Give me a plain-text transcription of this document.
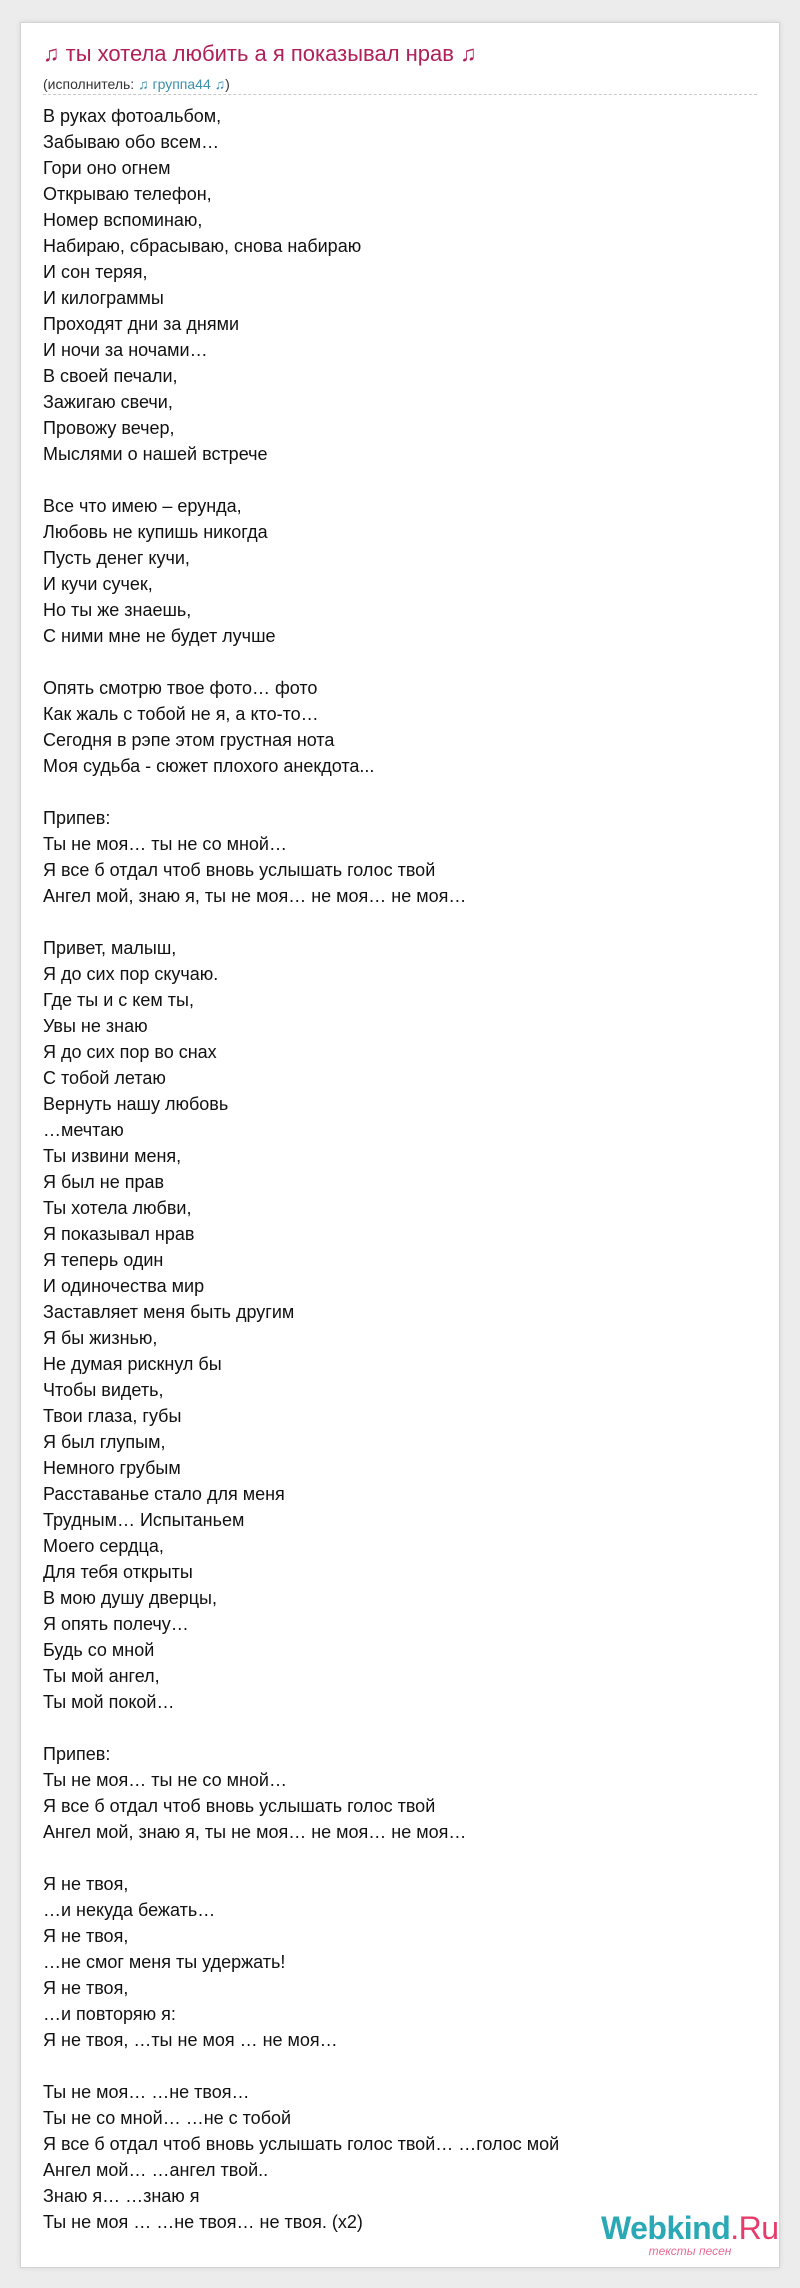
♫ ты хотела любить а я показывал нрав ♫
(исполнитель: ♫ группа44 ♫)
В руках фотоальбом,
Забываю обо всем…
Гори оно огнем
Открываю телефон,
Номер вспоминаю,
Набираю, сбрасываю, снова набираю
И сон теряя,
И килограммы
Проходят дни за днями
И ночи за ночами…
В своей печали,
Зажигаю свечи,
Провожу вечер,
Мыслями о нашей встрече
Все что имею – ерунда,
Любовь не купишь никогда
Пусть денег кучи,
И кучи сучек,
Но ты же знаешь,
С ними мне не будет лучше
Опять смотрю твое фото… фото
Как жаль с тобой не я, а кто-то…
Сегодня в рэпе этом грустная нота
Моя судьба - сюжет плохого анекдота...
Припев:
Ты не моя… ты не со мной…
Я все б отдал чтоб вновь услышать голос твой
Ангел мой, знаю я, ты не моя… не моя… не моя…
Привет, малыш,
Я до сих пор скучаю.
Где ты и с кем ты,
Увы не знаю
Я до сих пор во снах
С тобой летаю
Вернуть нашу любовь
…мечтаю
Ты извини меня,
Я был не прав
Ты хотела любви,
Я показывал нрав
Я теперь один
И одиночества мир
Заставляет меня быть другим
Я бы жизнью,
Не думая рискнул бы
Чтобы видеть,
Твои глаза, губы
Я был глупым,
Немного грубым
Расставанье стало для меня
Трудным… Испытаньем
Моего сердца,
Для тебя открыты
В мою душу дверцы,
Я опять полечу…
Будь со мной
Ты мой ангел,
Ты мой покой…
Припев:
Ты не моя… ты не со мной…
Я все б отдал чтоб вновь услышать голос твой
Ангел мой, знаю я, ты не моя… не моя… не моя…
Я не твоя,
…и некуда бежать…
Я не твоя,
…не смог меня ты удержать!
Я не твоя,
…и повторяю я:
Я не твоя, …ты не моя … не моя…
Ты не моя… …не твоя…
Ты не со мной… …не с тобой
Я все б отдал чтоб вновь услышать голос твой… …голос мой
Ангел мой… …ангел твой..
Знаю я… …знаю я
Ты не моя … …не твоя… не твоя. (x2)	Webkind.Ru
тексты песен
